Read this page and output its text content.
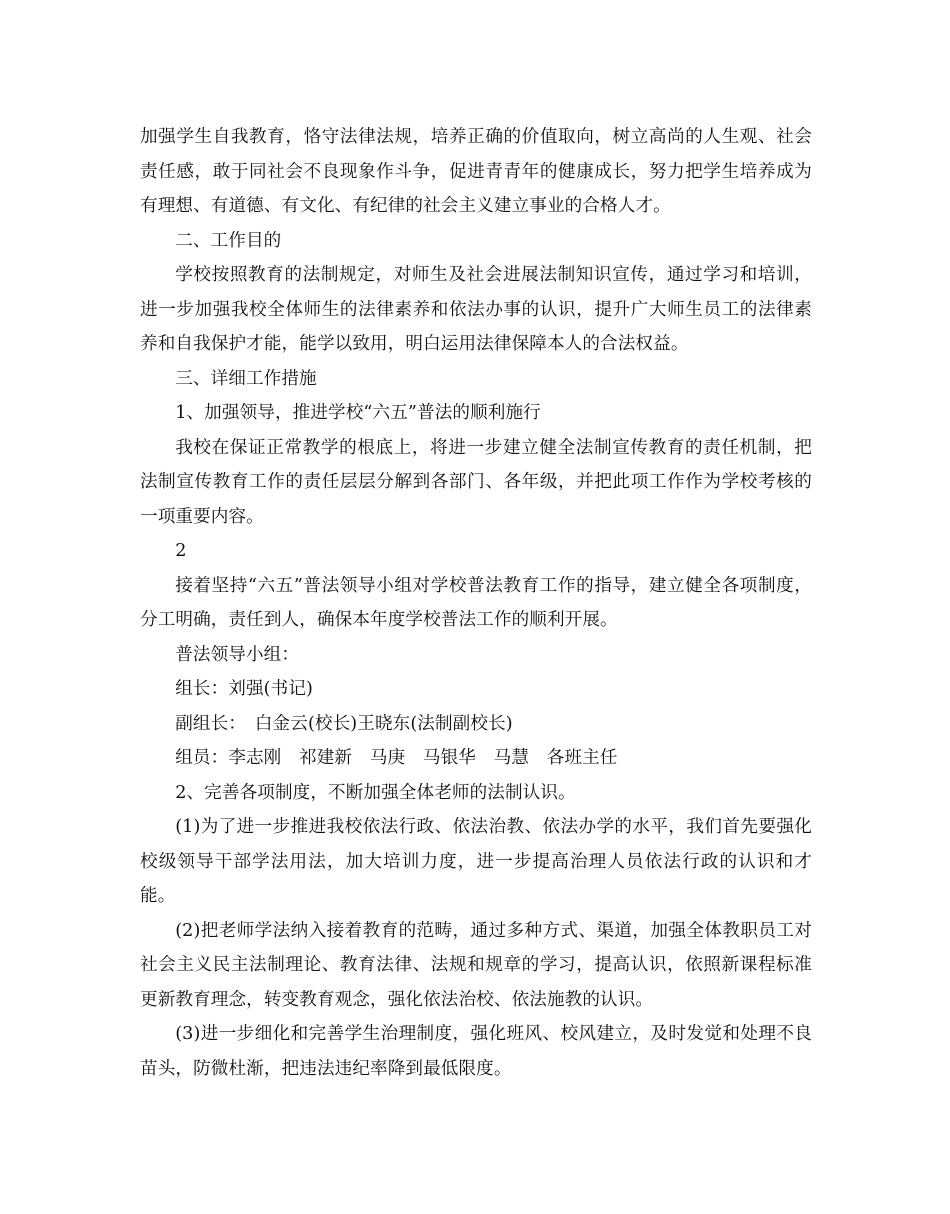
加强学生自我教育，恪守法律法规，培养正确的价值取向，树立高尚的人生观、社会责任感，敢于同社会不良现象作斗争，促进青青年的健康成长，努力把学生培养成为有理想、有道德、有文化、有纪律的社会主义建立事业的合格人才。

二、工作目的

学校按照教育的法制规定，对师生及社会进展法制知识宣传，通过学习和培训，进一步加强我校全体师生的法律素养和依法办事的认识，提升广大师生员工的法律素养和自我保护才能，能学以致用，明白运用法律保障本人的合法权益。

三、详细工作措施

1、加强领导，推进学校“六五”普法的顺利施行

我校在保证正常教学的根底上，将进一步建立健全法制宣传教育的责任机制，把法制宣传教育工作的责任层层分解到各部门、各年级，并把此项工作作为学校考核的一项重要内容。

2

接着坚持“六五”普法领导小组对学校普法教育工作的指导，建立健全各项制度，分工明确，责任到人，确保本年度学校普法工作的顺利开展。

普法领导小组：

组长：刘强(书记)

副组长：　白金云(校长)王晓东(法制副校长)

组员：李志刚　祁建新　马庚　马银华　马慧　各班主任

2、完善各项制度，不断加强全体老师的法制认识。

(1)为了进一步推进我校依法行政、依法治教、依法办学的水平，我们首先要强化校级领导干部学法用法，加大培训力度，进一步提高治理人员依法行政的认识和才能。

(2)把老师学法纳入接着教育的范畴，通过多种方式、渠道，加强全体教职员工对社会主义民主法制理论、教育法律、法规和规章的学习，提高认识，依照新课程标准更新教育理念，转变教育观念，强化依法治校、依法施教的认识。

(3)进一步细化和完善学生治理制度，强化班风、校风建立，及时发觉和处理不良苗头，防微杜渐，把违法违纪率降到最低限度。
